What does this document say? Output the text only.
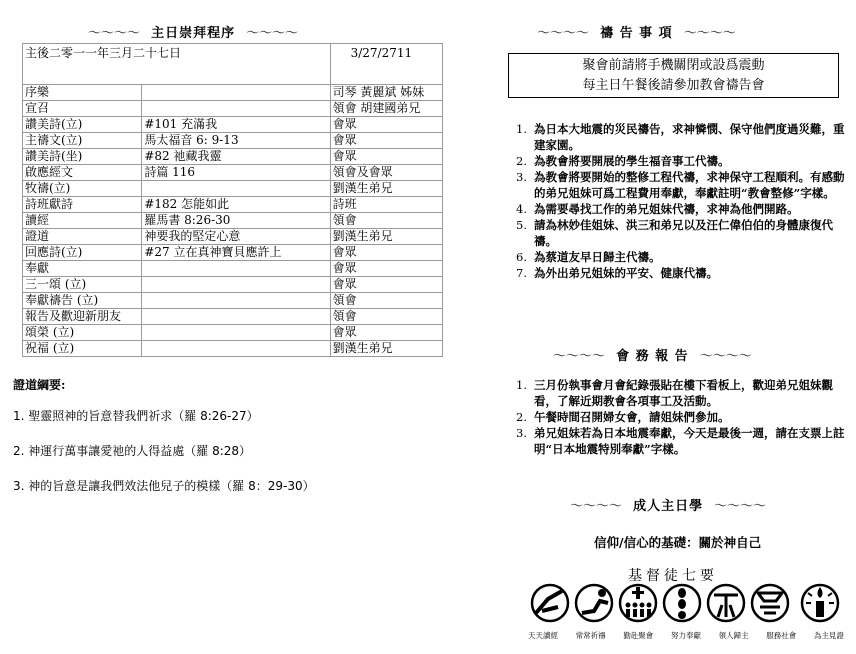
～～～～ 主日崇拜程序 ～～～～
主後二零一一年三月二十七日		3/27/2711
序樂		司琴 黃麗斌 姊妹
宣召		領會 胡建國弟兄
讚美詩(立)	#101 充滿我	會眾
主禱文(立)	馬太福音 6: 9-13	會眾
讚美詩(坐)	#82 祂藏我靈	會眾
啟應經文	詩篇 116	領會及會眾
牧禱(立)		劉漢生弟兄
詩班獻詩	#182 怎能如此	詩班
讀經	羅馬書 8:26-30	領會
證道	神要我的堅定心意	劉漢生弟兄
回應詩(立)	#27 立在真神寶貝應許上	會眾
奉獻		會眾
三一頌 (立)		會眾
奉獻禱告 (立)		領會
報告及歡迎新朋友		領會
頌榮 (立)		會眾
祝福 (立)		劉漢生弟兄
證道綱要:
1. 聖靈照神的旨意替我們祈求（羅 8:26-27）
2. 神運行萬事讓愛祂的人得益處（羅 8:28）
3. 神的旨意是讓我們效法他兒子的模樣（羅 8：29-30）
～～～～ 禱 告 事 項 ～～～～
聚會前請將手機關閉或設爲震動
每主日午餐後請參加教會禱告會
1. 為日本大地震的災民禱告，求神憐憫、保守他們度過災難，重建家園。
2. 為教會將要開展的學生福音事工代禱。
3. 為教會將要開始的整修工程代禱，求神保守工程順利。有感動的弟兄姐妹可爲工程費用奉獻，奉獻註明“教會整修”字樣。
4. 為需要尋找工作的弟兄姐妹代禱，求神為他們開路。
5. 請為林妙佳姐妹、洪三和弟兄以及汪仁偉伯伯的身體康復代禱。
6. 為蔡道友早日歸主代禱。
7. 為外出弟兄姐妹的平安、健康代禱。
～～～～ 會 務 報 告 ～～～～
1. 三月份執事會月會紀錄張貼在樓下看板上，歡迎弟兄姐妹觀看，了解近期教會各項事工及活動。
2. 午餐時間召開婦女會，請姐妹們參加。
3. 弟兄姐妹若為日本地震奉獻，今天是最後一週，請在支票上註明“日本地震特別奉獻”字樣。
～～～～ 成人主日學 ～～～～
信仰/信心的基礎：關於神自己
基督徒七要
天天讀經 常常祈禱 勤赴聚會 努力奉獻 領人歸主 服務社會 為主見證
